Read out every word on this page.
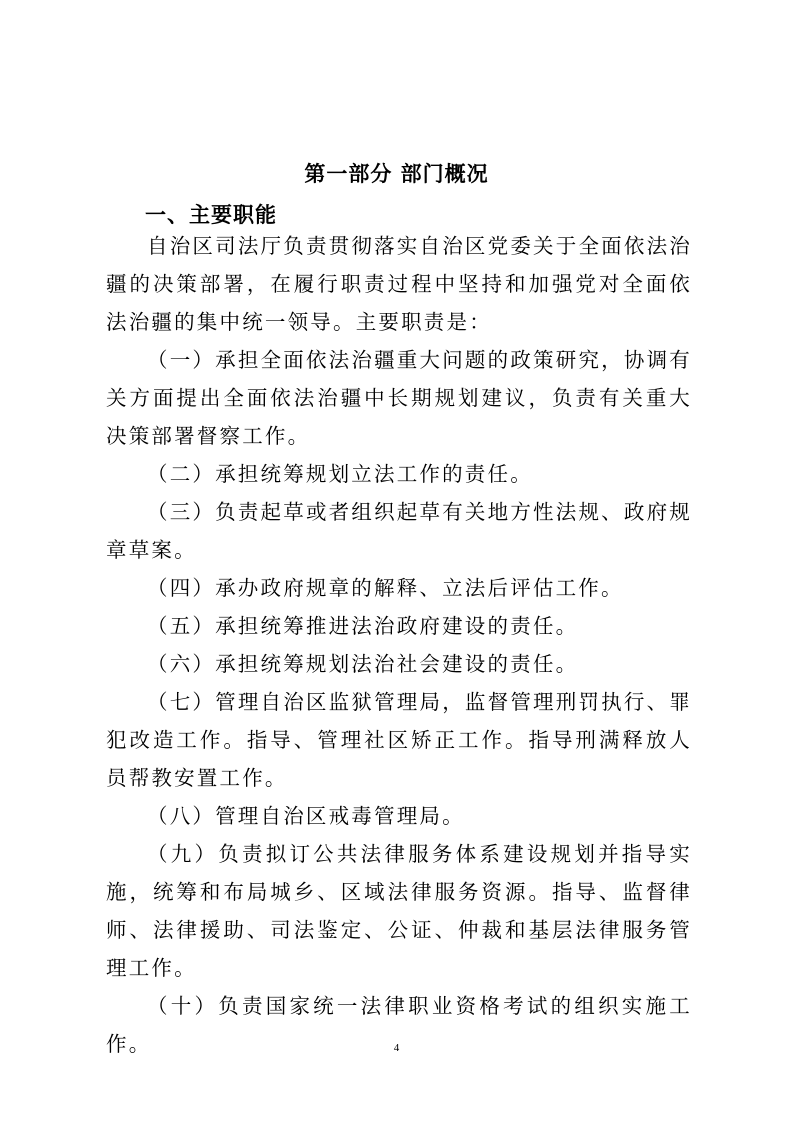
第一部分 部门概况
一、主要职能

自治区司法厅负责贯彻落实自治区党委关于全面依法治疆的决策部署，在履行职责过程中坚持和加强党对全面依法治疆的集中统一领导。主要职责是：

（一）承担全面依法治疆重大问题的政策研究，协调有关方面提出全面依法治疆中长期规划建议，负责有关重大决策部署督察工作。

（二）承担统筹规划立法工作的责任。

（三）负责起草或者组织起草有关地方性法规、政府规章草案。

（四）承办政府规章的解释、立法后评估工作。

（五）承担统筹推进法治政府建设的责任。

（六）承担统筹规划法治社会建设的责任。

（七）管理自治区监狱管理局，监督管理刑罚执行、罪犯改造工作。指导、管理社区矫正工作。指导刑满释放人员帮教安置工作。

（八）管理自治区戒毒管理局。

（九）负责拟订公共法律服务体系建设规划并指导实施，统筹和布局城乡、区域法律服务资源。指导、监督律师、法律援助、司法鉴定、公证、仲裁和基层法律服务管理工作。

（十）负责国家统一法律职业资格考试的组织实施工作。	4
